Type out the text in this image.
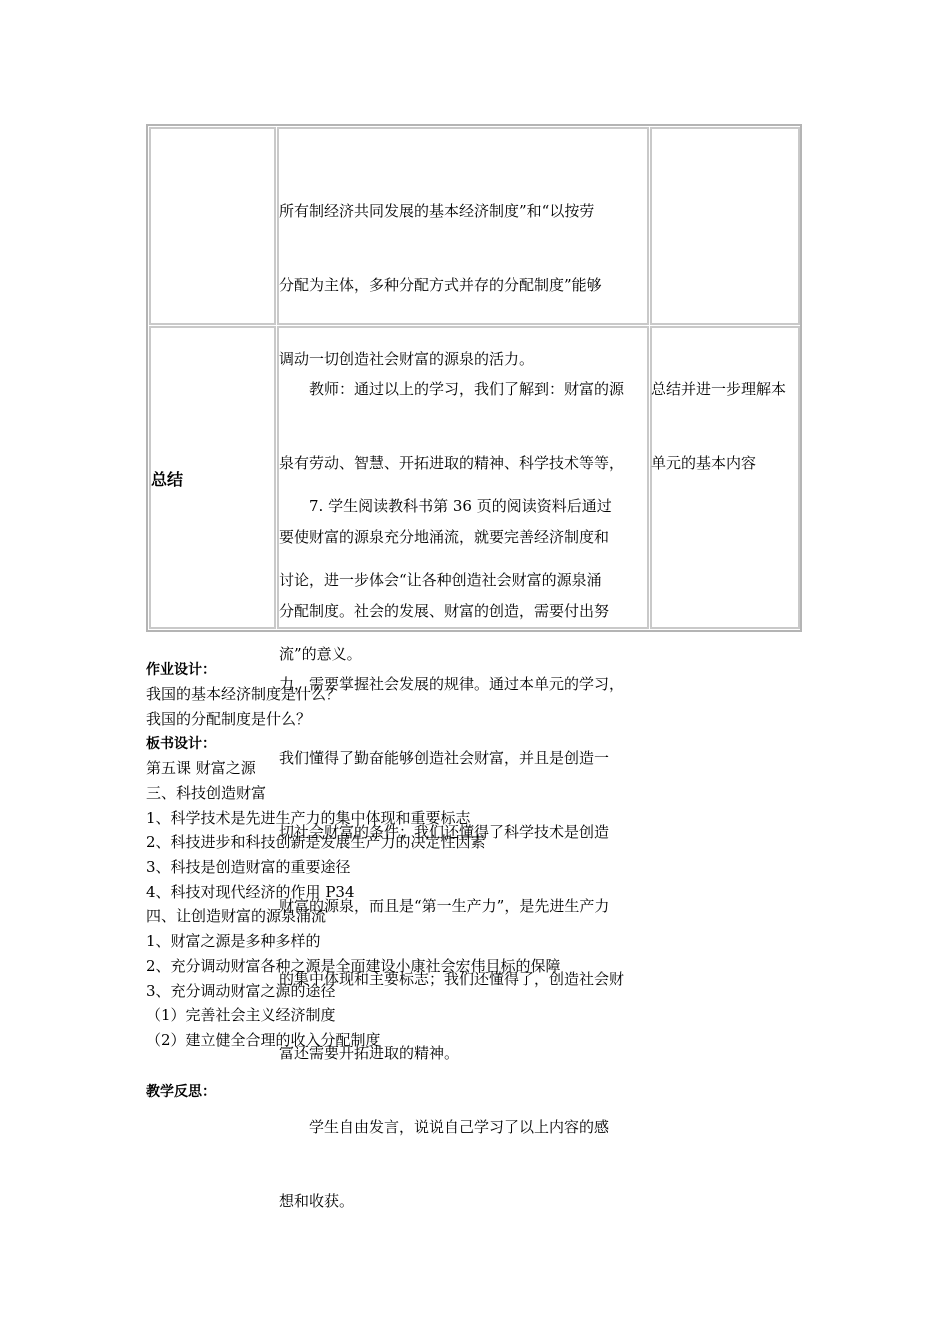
所有制经济共同发展的基本经济制度”和“以按劳

分配为主体，多种分配方式并存的分配制度”能够

调动一切创造社会财富的源泉的活力。

　　7. 学生阅读教科书第 36 页的阅读资料后通过

讨论，进一步体会“让各种创造社会财富的源泉涌

流”的意义。

总结

　　教师：通过以上的学习，我们了解到：财富的源

泉有劳动、智慧、开拓进取的精神、科学技术等等，

要使财富的源泉充分地涌流，就要完善经济制度和

分配制度。社会的发展、财富的创造，需要付出努

力，需要掌握社会发展的规律。通过本单元的学习，

我们懂得了勤奋能够创造社会财富，并且是创造一

切社会财富的条件；我们还懂得了科学技术是创造

财富的源泉，而且是“第一生产力”，是先进生产力

的集中体现和主要标志；我们还懂得了，创造社会财

富还需要开拓进取的精神。

　　学生自由发言，说说自己学习了以上内容的感

想和收获。

总结并进一步理解本

单元的基本内容

作业设计：
我国的基本经济制度是什么？
我国的分配制度是什么？
板书设计：
第五课 财富之源
三、科技创造财富
1、科学技术是先进生产力的集中体现和重要标志
2、科技进步和科技创新是发展生产力的决定性因素
3、科技是创造财富的重要途径
4、科技对现代经济的作用 P34
四、让创造财富的源泉涌流
1、财富之源是多种多样的
2、充分调动财富各种之源是全面建设小康社会宏伟目标的保障
3、充分调动财富之源的途径
（1）完善社会主义经济制度
（2）建立健全合理的收入分配制度
教学反思：
